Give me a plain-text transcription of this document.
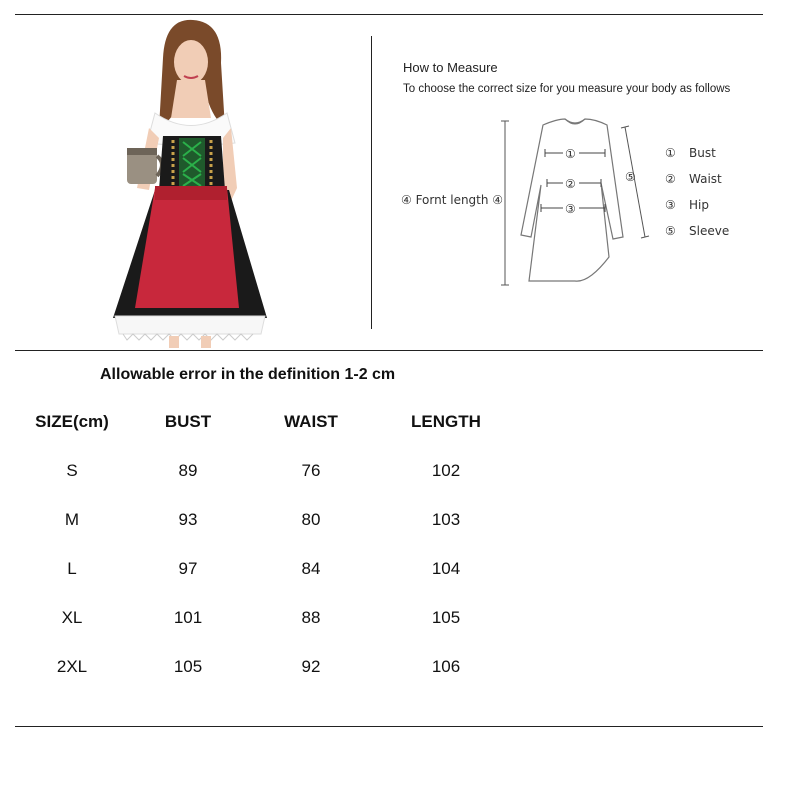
How to Measure
To choose the correct size for you measure your body as follows
④ Fornt length ④
①
②
③
⑤
① Bust
② Waist
③ Hip
⑤ Sleeve
Allowable error in the definition 1-2 cm
SIZE(cm)	BUST	WAIST	LENGTH
S	89	76	102
M	93	80	103
L	97	84	104
XL	101	88	105
2XL	105	92	106
